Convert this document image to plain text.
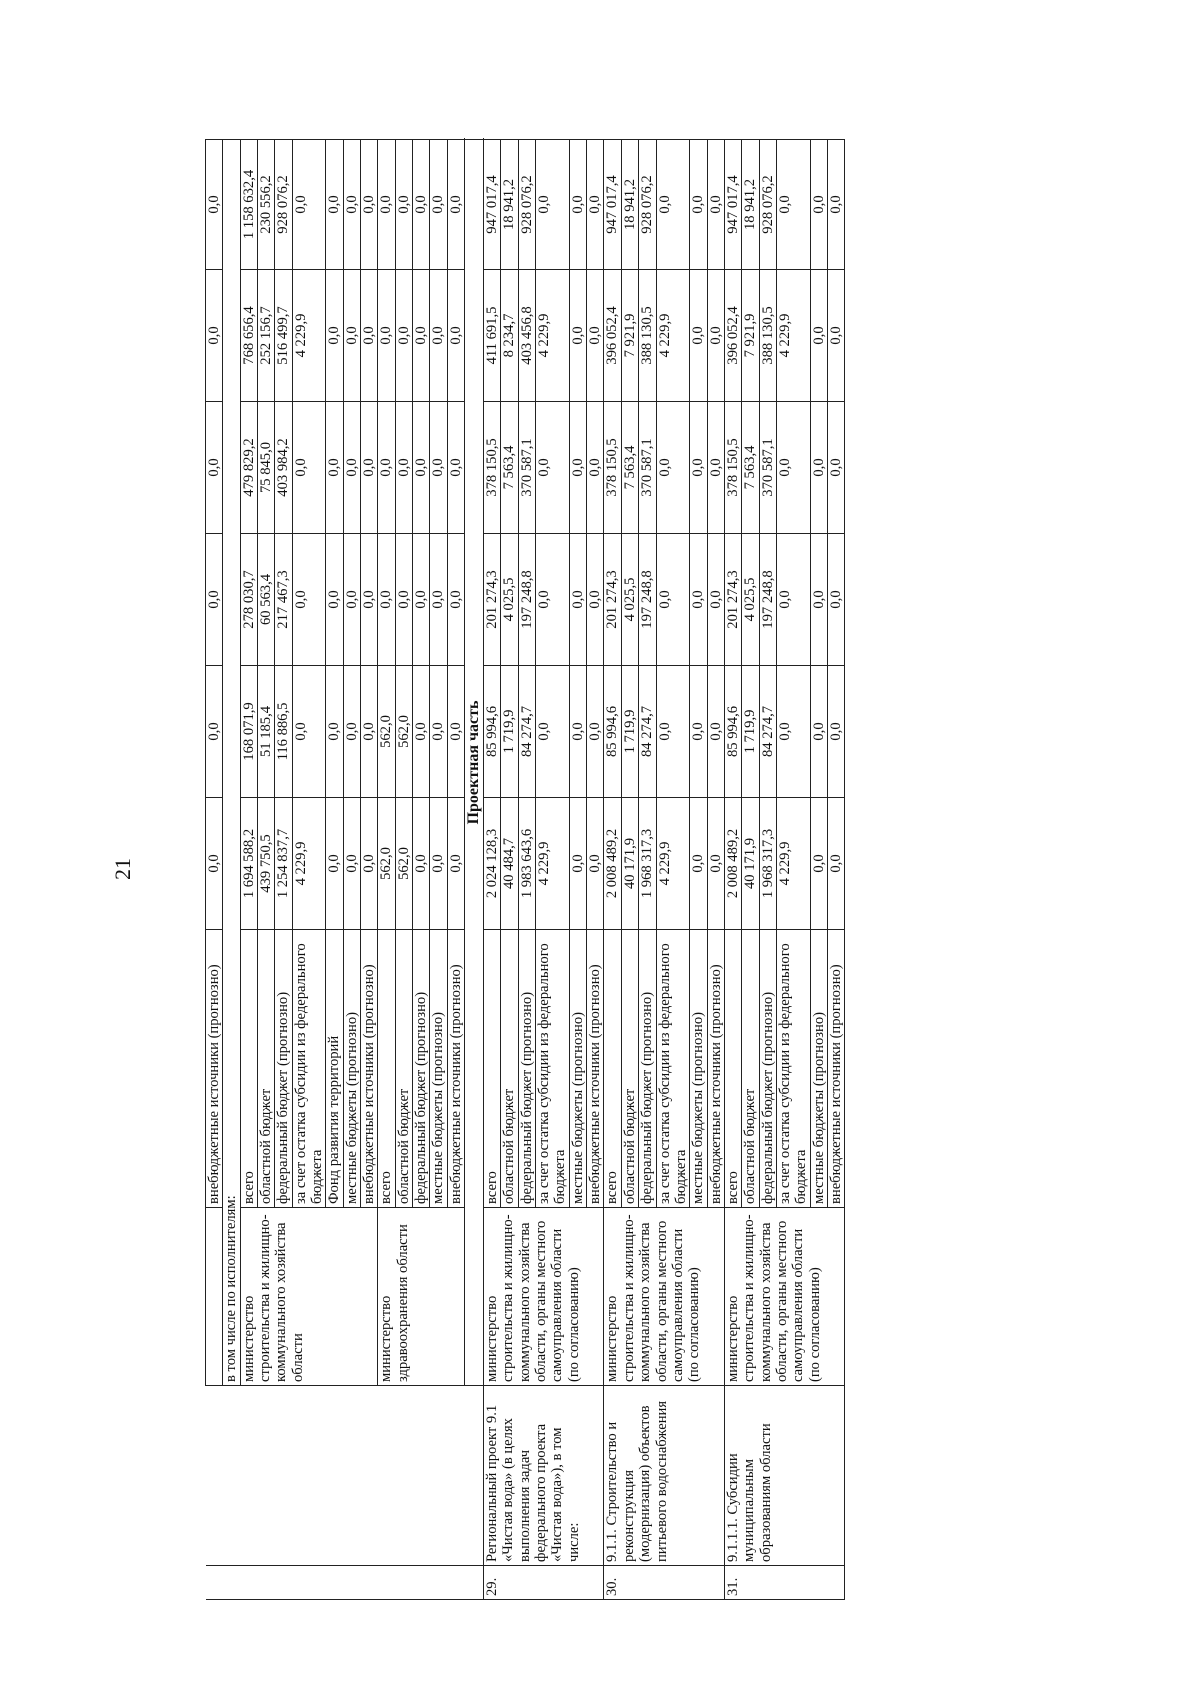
21
			внебюджетные источники (прогнозно)	0,0	0,0	0,0	0,0	0,0	0,0
		в том числе по исполнителям:							
		министерство строительства и жилищно-коммунального хозяйства области	всего	1 694 588,2	168 071,9	278 030,7	479 829,2	768 656,4	1 158 632,4
			областной бюджет	439 750,5	51 185,4	60 563,4	75 845,0	252 156,7	230 556,2
			федеральный бюджет (прогнозно)	1 254 837,7	116 886,5	217 467,3	403 984,2	516 499,7	928 076,2
			за счет остатка субсидии из федерального бюджета	4 229,9	0,0	0,0	0,0	4 229,9	0,0
			Фонд развития территорий	0,0	0,0	0,0	0,0	0,0	0,0
			местные бюджеты (прогнозно)	0,0	0,0	0,0	0,0	0,0	0,0
			внебюджетные источники (прогнозно)	0,0	0,0	0,0	0,0	0,0	0,0
		министерство здравоохранения области	всего	562,0	562,0	0,0	0,0	0,0	0,0
			областной бюджет	562,0	562,0	0,0	0,0	0,0	0,0
			федеральный бюджет (прогнозно)	0,0	0,0	0,0	0,0	0,0	0,0
			местные бюджеты (прогнозно)	0,0	0,0	0,0	0,0	0,0	0,0
			внебюджетные источники (прогнозно)	0,0	0,0	0,0	0,0	0,0	0,0
		Проектная часть							
29.	Региональный проект 9.1 «Чистая вода» (в целях выполнения задач федерального проекта «Чистая вода»), в том числе:	министерство строительства и жилищно-коммунального хозяйства области, органы местного самоуправления области (по согласованию)	всего	2 024 128,3	85 994,6	201 274,3	378 150,5	411 691,5	947 017,4
			областной бюджет	40 484,7	1 719,9	4 025,5	7 563,4	8 234,7	18 941,2
			федеральный бюджет (прогнозно)	1 983 643,6	84 274,7	197 248,8	370 587,1	403 456,8	928 076,2
			за счет остатка субсидии из федерального бюджета	4 229,9	0,0	0,0	0,0	4 229,9	0,0
			местные бюджеты (прогнозно)	0,0	0,0	0,0	0,0	0,0	0,0
			внебюджетные источники (прогнозно)	0,0	0,0	0,0	0,0	0,0	0,0
30.	9.1.1. Строительство и реконструкция (модернизация) объектов питьевого водоснабжения	министерство строительства и жилищно-коммунального хозяйства области, органы местного самоуправления области (по согласованию)	всего	2 008 489,2	85 994,6	201 274,3	378 150,5	396 052,4	947 017,4
			областной бюджет	40 171,9	1 719,9	4 025,5	7 563,4	7 921,9	18 941,2
			федеральный бюджет (прогнозно)	1 968 317,3	84 274,7	197 248,8	370 587,1	388 130,5	928 076,2
			за счет остатка субсидии из федерального бюджета	4 229,9	0,0	0,0	0,0	4 229,9	0,0
			местные бюджеты (прогнозно)	0,0	0,0	0,0	0,0	0,0	0,0
			внебюджетные источники (прогнозно)	0,0	0,0	0,0	0,0	0,0	0,0
31.	9.1.1.1. Субсидии муниципальным образованиям области	министерство строительства и жилищно-коммунального хозяйства области, органы местного самоуправления области (по согласованию)	всего	2 008 489,2	85 994,6	201 274,3	378 150,5	396 052,4	947 017,4
			областной бюджет	40 171,9	1 719,9	4 025,5	7 563,4	7 921,9	18 941,2
			федеральный бюджет (прогнозно)	1 968 317,3	84 274,7	197 248,8	370 587,1	388 130,5	928 076,2
			за счет остатка субсидии из федерального бюджета	4 229,9	0,0	0,0	0,0	4 229,9	0,0
			местные бюджеты (прогнозно)	0,0	0,0	0,0	0,0	0,0	0,0
			внебюджетные источники (прогнозно)	0,0	0,0	0,0	0,0	0,0	0,0
